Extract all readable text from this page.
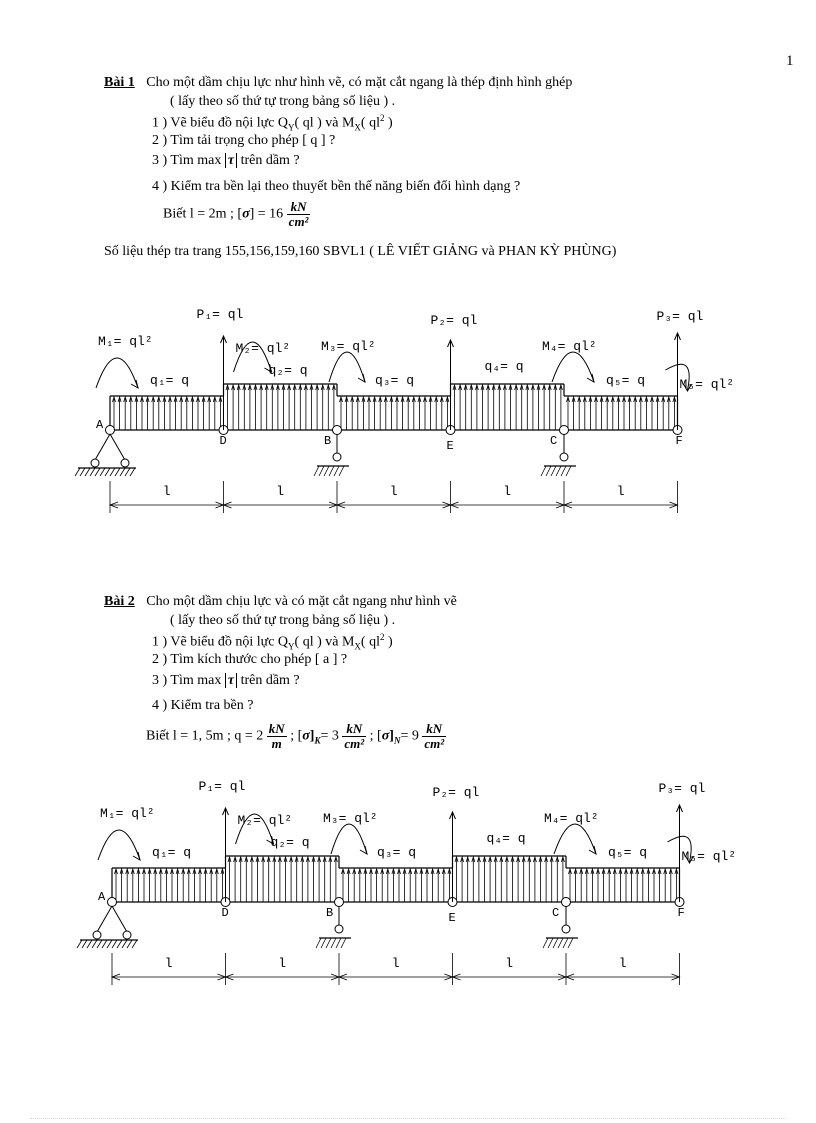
1
Bài 1 Cho một dầm chịu lực như hình vẽ, có mặt cắt ngang là thép định hình ghép
( lấy theo số thứ tự trong bảng số liệu ) .
1 ) Vẽ biểu đồ nội lực $Q_Y$( ql ) và $M_X$( $ql^2$ )
2 ) Tìm tải trọng cho phép [ q ] ?
3 ) Tìm max τ trên dầm ?
4 ) Kiểm tra bền lại theo thuyết bền thế năng biến đổi hình dạng ?
Biết l = 2m ; $[\sigma] = 16 \frac{kN}{\text{cm²}}$
Số liệu thép tra trang 155,156,159,160 SBVL1 ( LÊ VIẾT GIẢNG và PHAN KỲ PHÙNG)
Bài 2 Cho một dầm chịu lực và có mặt cắt ngang như hình vẽ
( lấy theo số thứ tự trong bảng số liệu ) .
1 ) Vẽ biểu đồ nội lực $Q_Y$( ql ) và $M_X$( $ql^2$ )
2 ) Tìm kích thước cho phép [ a ] ?
3 ) Tìm max τ trên dầm ?
4 ) Kiểm tra bền ?
Biết l = 1, 5m ; $q = 2 \frac{kN}{m}$ ; $[\sigma]_K= 3 \frac{kN}{\text{cm²}}$ ; $[\sigma]_N= 9 \frac{kN}{\text{cm²}}$
q₁= q
q₂= q
q₃= q
q₄= q
q₅= q
A
D	B	E	C	F
P₁= ql	P₂= ql	P₃= ql
M₁= ql²	M₂= ql² M₃= ql²	M₄= ql²
M₅= ql²
l	l	l	l	l
q₁= q
q₂= q
q₃= q
q₄= q
q₅= q
A
D	B	E	C	F
P₁= ql	P₂= ql	P₃= ql
M₁= ql²	M₂= ql² M₃= ql²	M₄= ql²
M₅= ql²
l	l	l	l	l
